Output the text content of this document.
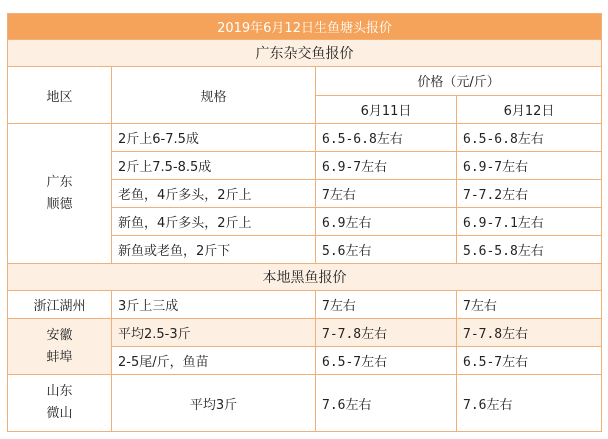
2019年6月12日生鱼塘头报价			
广东杂交鱼报价			
地区	规格	价格（元/斤）	
		6月11日	6月12日

广东
顺德	2斤上6-7.5成	6.5-6.8左右	6.5-6.8左右
	2斤上7.5-8.5成	6.9-7左右	6.9-7左右
	老鱼，4斤多头，2斤上	7左右	7-7.2左右
	新鱼，4斤多头，2斤上	6.9左右	6.9-7.1左右
	新鱼或老鱼，2斤下	5.6左右	5.6-5.8左右
本地黑鱼报价			
浙江湖州	3斤上三成	7左右	7左右

安徽
蚌埠	平均2.5-3斤	7-7.8左右	7-7.8左右
	2-5尾/斤，鱼苗	6.5-7左右	6.5-7左右

山东
微山	平均3斤	7.6左右	7.6左右
